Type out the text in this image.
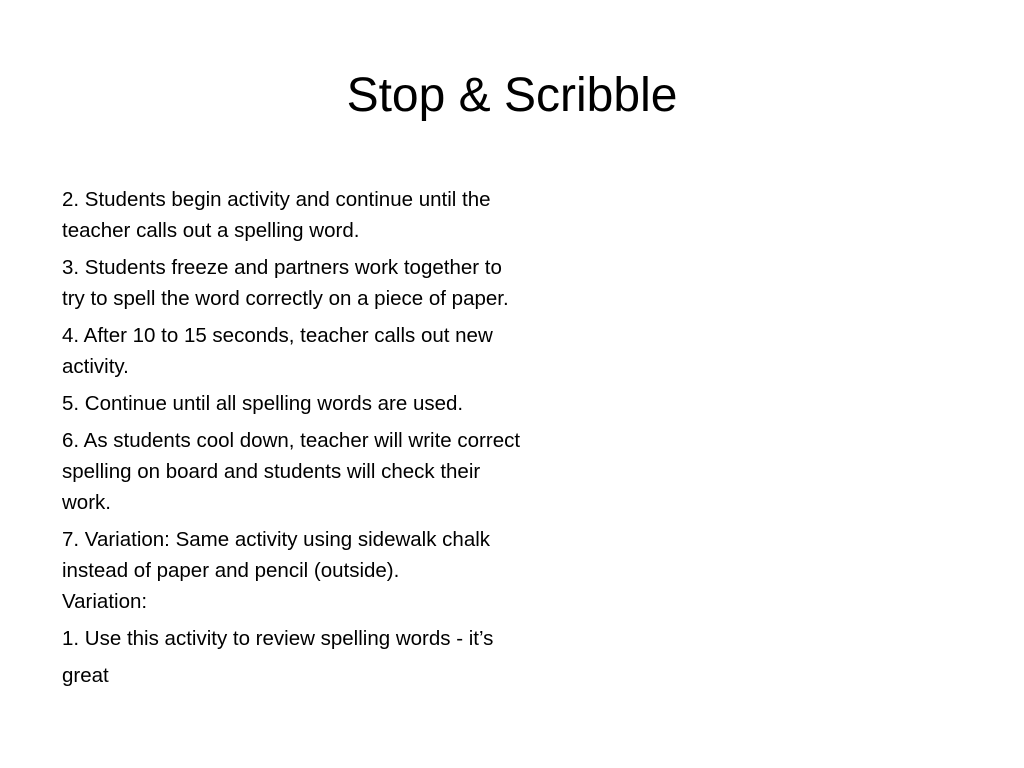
Stop & Scribble

2. Students begin activity and continue until the
teacher calls out a spelling word.

3. Students freeze and partners work together to
try to spell the word correctly on a piece of paper.

4. After 10 to 15 seconds, teacher calls out new
activity.

5. Continue until all spelling words are used.

6. As students cool down, teacher will write correct
spelling on board and students will check their
work.

7. Variation: Same activity using sidewalk chalk
instead of paper and pencil (outside).
Variation:

1. Use this activity to review spelling words - it’s

great
